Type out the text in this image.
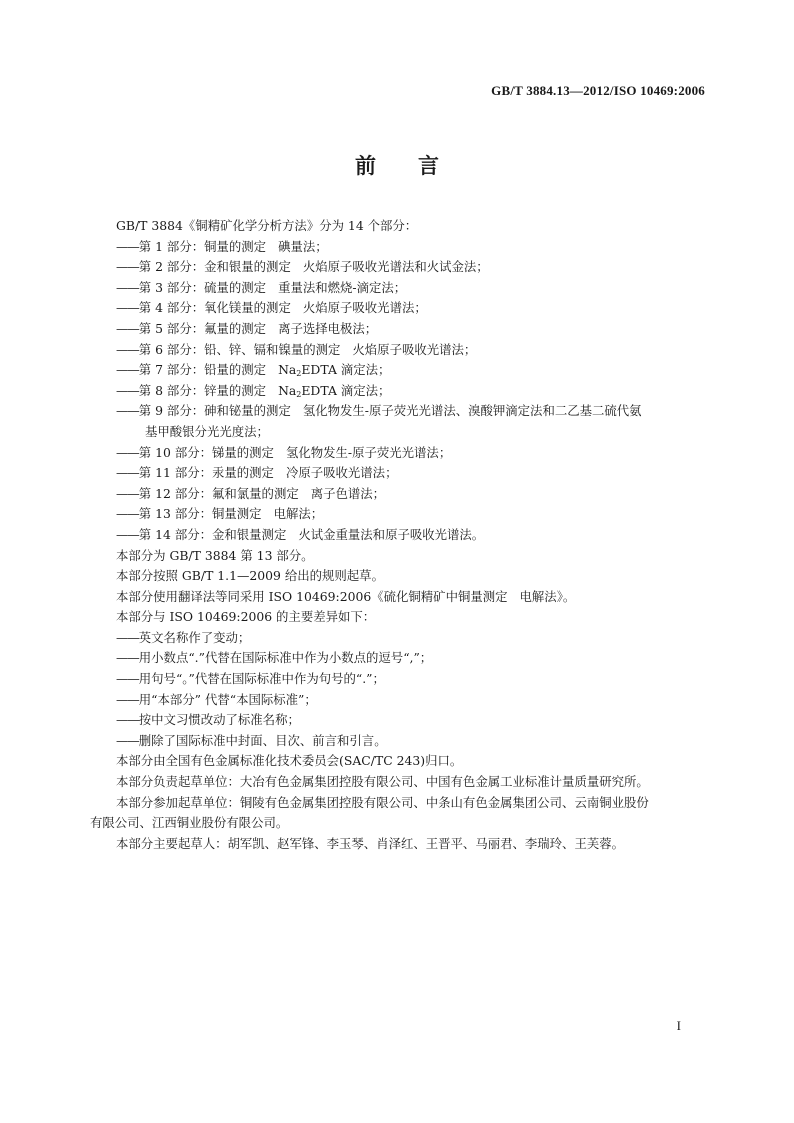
GB/T 3884.13—2012/ISO 10469:2006
前言
GB/T 3884《铜精矿化学分析方法》分为 14 个部分：
——第 1 部分：铜量的测定 碘量法；
——第 2 部分：金和银量的测定 火焰原子吸收光谱法和火试金法；
——第 3 部分：硫量的测定 重量法和燃烧-滴定法；
——第 4 部分：氧化镁量的测定 火焰原子吸收光谱法；
——第 5 部分：氟量的测定 离子选择电极法；
——第 6 部分：铅、锌、镉和镍量的测定 火焰原子吸收光谱法；
——第 7 部分：铅量的测定 $Na_2EDTA$ 滴定法；
——第 8 部分：锌量的测定 $Na_2EDTA$ 滴定法；
——第 9 部分：砷和铋量的测定 氢化物发生-原子荧光光谱法、溴酸钾滴定法和二乙基二硫代氨
基甲酸银分光光度法；
——第 10 部分：锑量的测定 氢化物发生-原子荧光光谱法；
——第 11 部分：汞量的测定 冷原子吸收光谱法；
——第 12 部分：氟和氯量的测定 离子色谱法；
——第 13 部分：铜量测定 电解法；
——第 14 部分：金和银量测定 火试金重量法和原子吸收光谱法。
本部分为 GB/T 3884 第 13 部分。
本部分按照 GB/T 1.1—2009 给出的规则起草。
本部分使用翻译法等同采用 ISO 10469:2006《硫化铜精矿中铜量测定 电解法》。
本部分与 ISO 10469:2006 的主要差异如下：
——英文名称作了变动；
——用小数点“.”代替在国际标准中作为小数点的逗号“,”；
——用句号“。”代替在国际标准中作为句号的“.”；
——用“本部分” 代替“本国际标准”；
——按中文习惯改动了标准名称；
——删除了国际标准中封面、目次、前言和引言。
本部分由全国有色金属标准化技术委员会(SAC/TC 243)归口。
本部分负责起草单位：大冶有色金属集团控股有限公司、中国有色金属工业标准计量质量研究所。
本部分参加起草单位：铜陵有色金属集团控股有限公司、中条山有色金属集团公司、云南铜业股份
有限公司、江西铜业股份有限公司。
本部分主要起草人：胡军凯、赵军锋、李玉琴、肖泽红、王晋平、马丽君、李瑞玲、王芙蓉。
I
